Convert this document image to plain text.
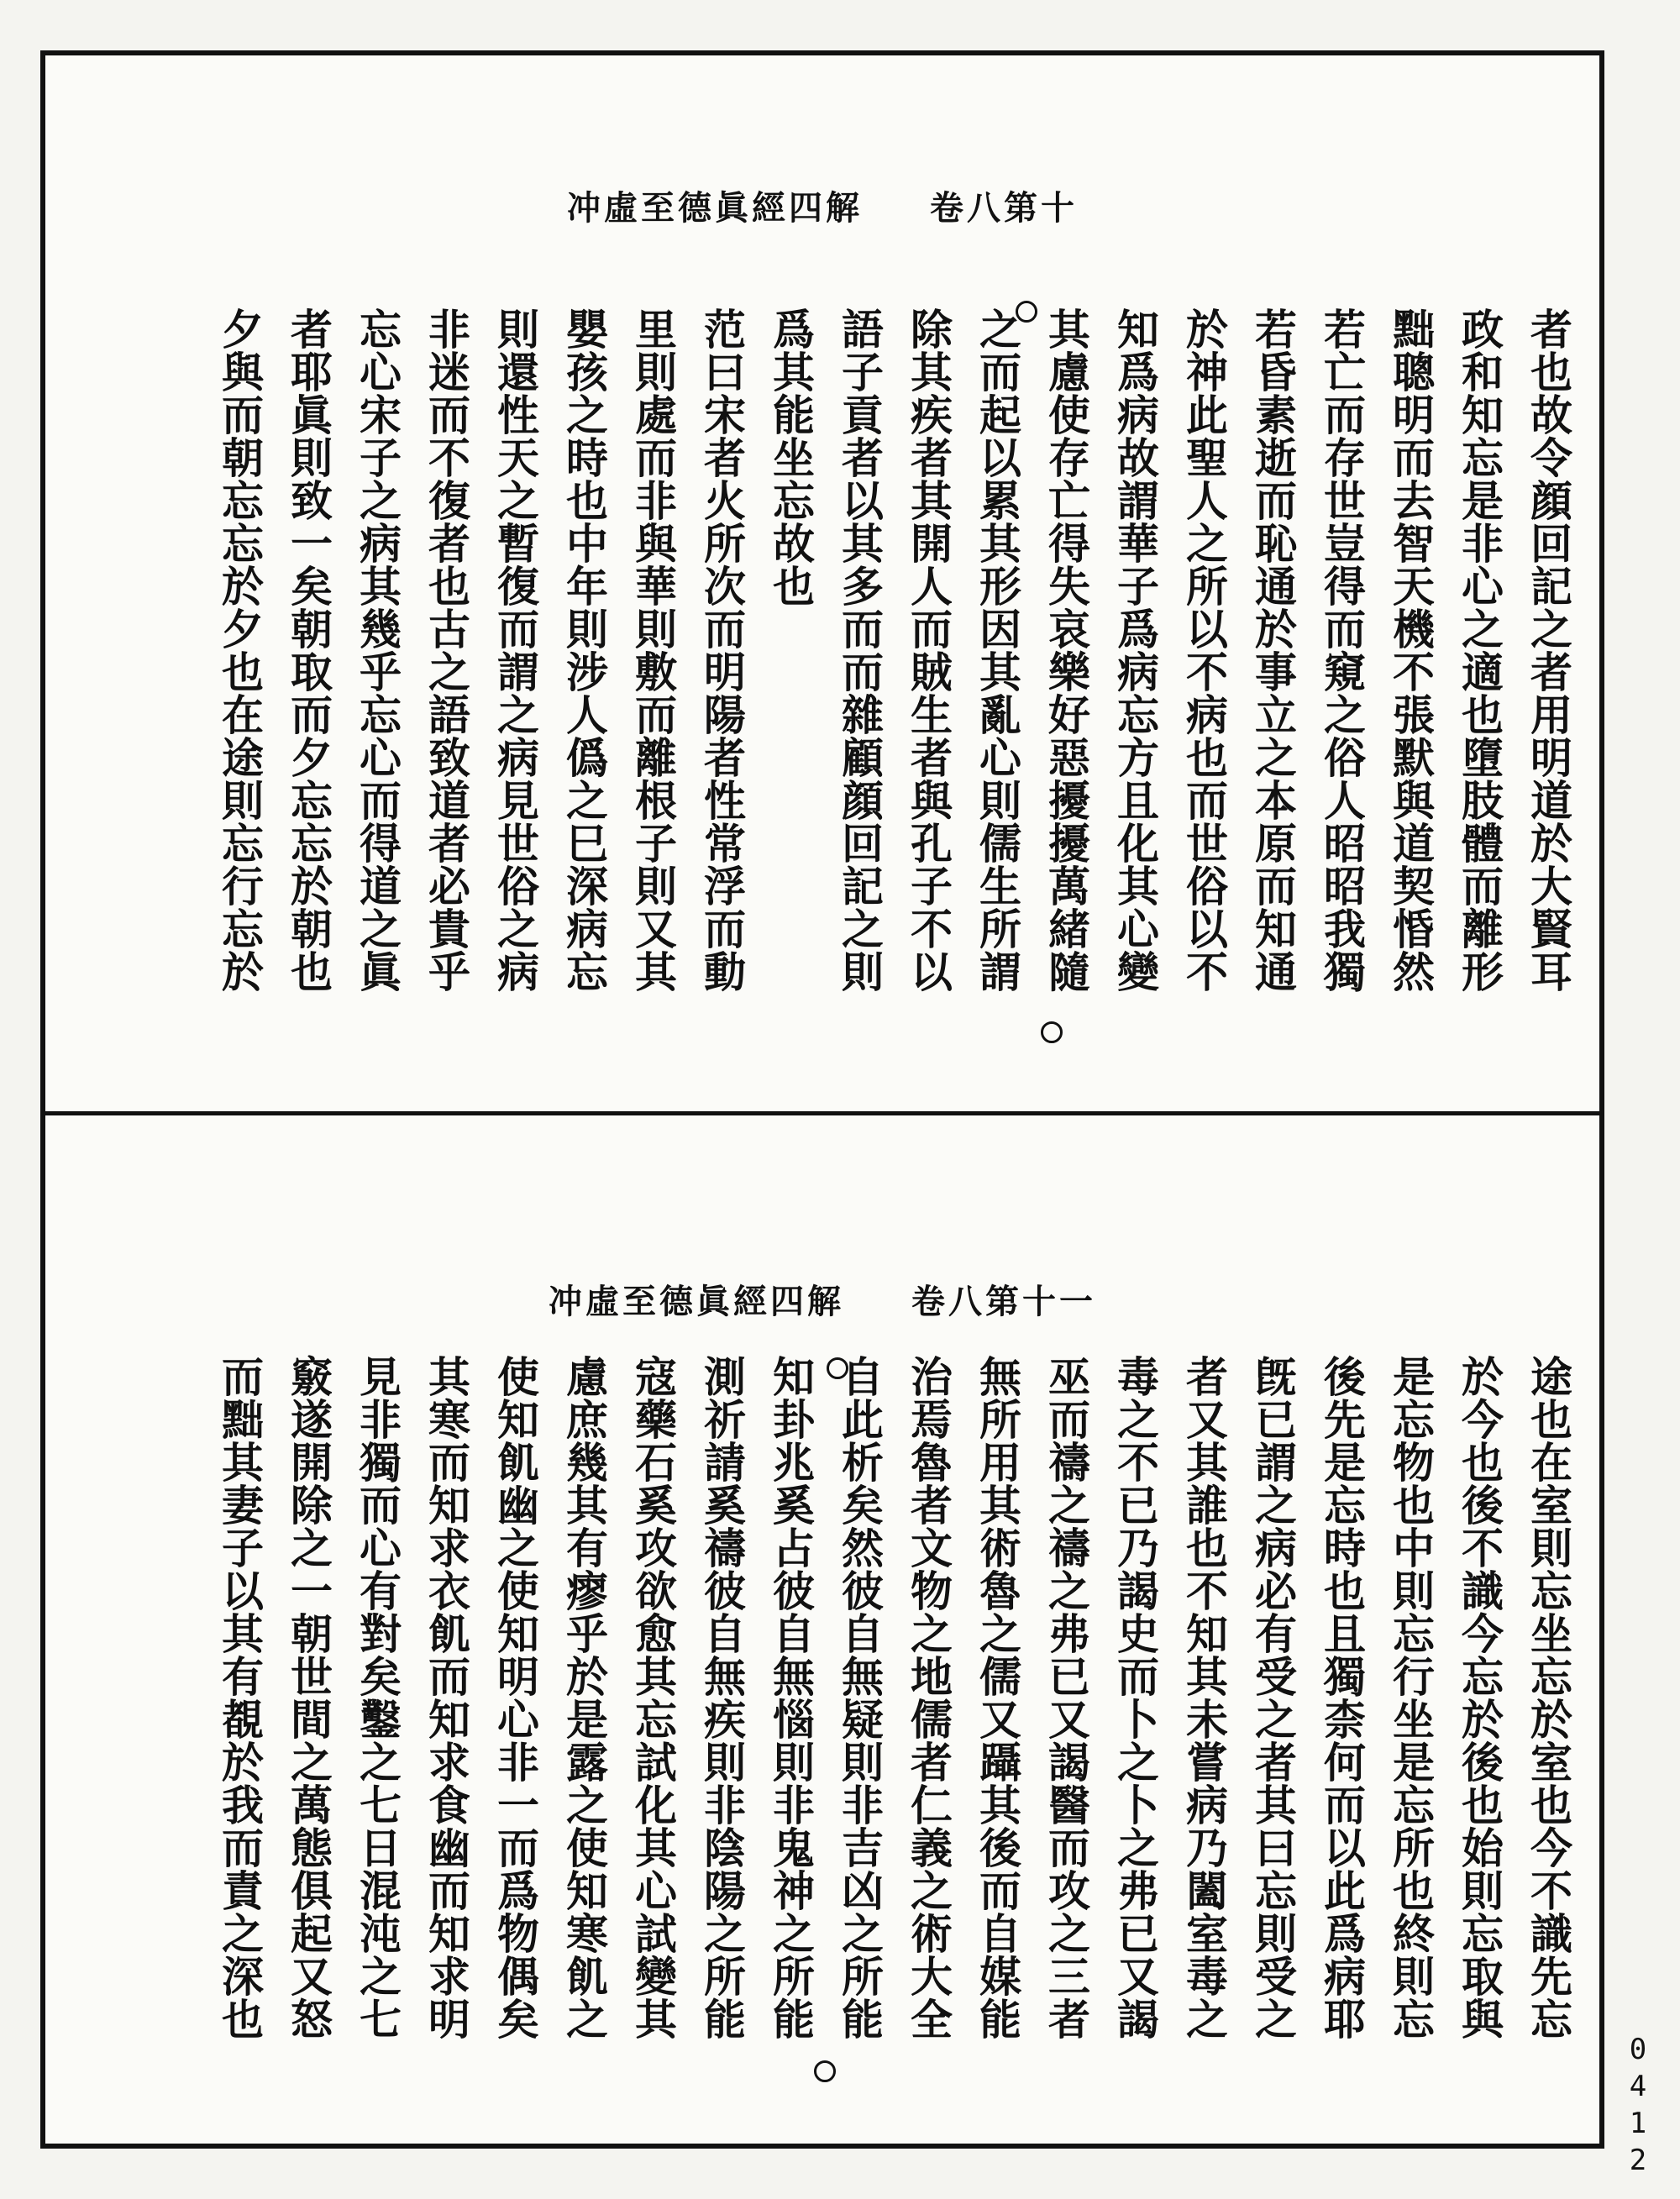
冲虛至德眞經四解 卷八第十
者也故令顔回記之者用明道於大賢耳
政和知忘是非心之適也墮肢體而離形
黜聰明而去智天機不張默與道契惛然
若亡而存世豈得而窺之俗人昭昭我獨
若昏素逝而恥通於事立之本原而知通
於神此聖人之所以不病也而世俗以不
知爲病故謂華子爲病忘方且化其心變
其慮使存亡得失哀樂好惡擾擾萬緒隨
之而起以累其形因其亂心則儒生所謂
除其疾者其開人而賊生者與孔子不以
語子貢者以其多而而雜顧顔回記之則
爲其能坐忘故也
范曰宋者火所次而明陽者性常浮而動
里則處而非與華則敷而離根子則又其
嬰孩之時也中年則涉人僞之巳深病忘
則還性天之暫復而謂之病見世俗之病
非迷而不復者也古之語致道者必貴乎
忘心宋子之病其幾乎忘心而得道之眞
者耶眞則致一矣朝取而夕忘忘於朝也
夕與而朝忘忘於夕也在途則忘行忘於
冲虛至德眞經四解 卷八第十一
途也在室則忘坐忘於室也今不識先忘
於今也後不識今忘於後也始則忘取與
是忘物也中則忘行坐是忘所也終則忘
後先是忘時也且獨柰何而以此爲病耶
旣已謂之病必有受之者其曰忘則受之
者又其誰也不知其未嘗病乃闔室毒之
毒之不已乃謁史而卜之卜之弗已又謁
巫而禱之禱之弗已又謁醫而攻之三者
無所用其術魯之儒又躡其後而自媒能
治焉魯者文物之地儒者仁義之術大全
自此析矣然彼自無疑則非吉凶之所能
知卦兆奚占彼自無惱則非鬼神之所能
測祈請奚禱彼自無疾則非陰陽之所能
寇藥石奚攻欲愈其忘試化其心試變其
慮庶幾其有瘳乎於是露之使知寒飢之
使知飢幽之使知明心非一而爲物偶矣
其寒而知求衣飢而知求食幽而知求明
見非獨而心有對矣鑿之七日混沌之七
竅遂開除之一朝世間之萬態俱起又怒
而黜其妻子以其有覩於我而責之深也
0412
